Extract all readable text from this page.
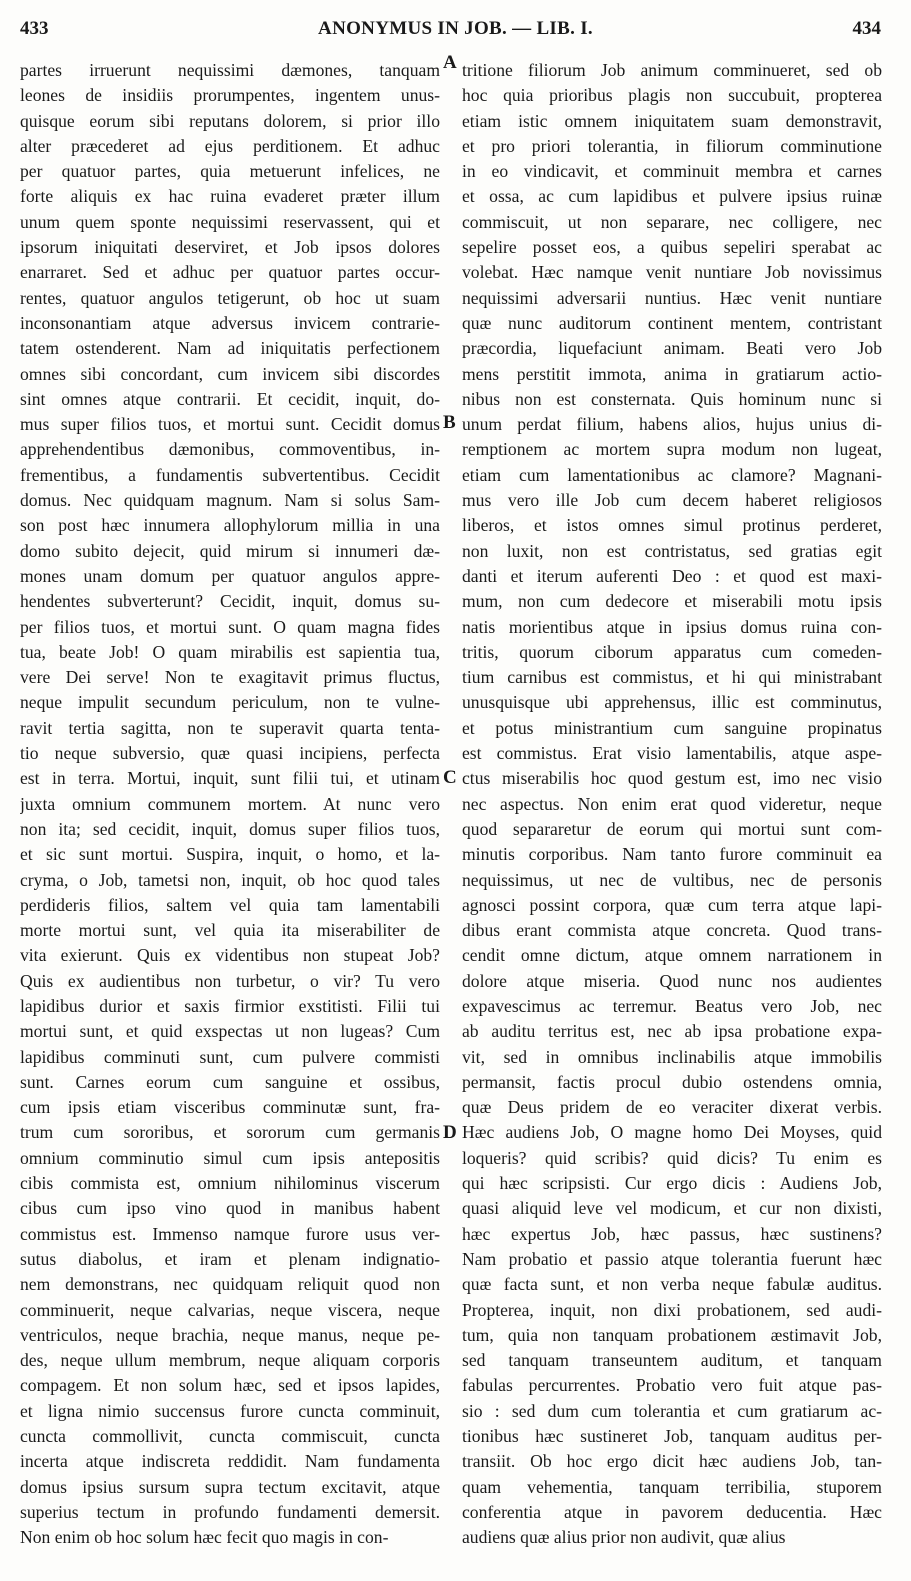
433	ANONYMUS IN JOB. — LIB. I.	434
partes irruerunt nequissimi dæmones, tanquam
leones de insidiis prorumpentes, ingentem unus-
quisque eorum sibi reputans dolorem, si prior illo
alter præcederet ad ejus perditionem. Et adhuc
per quatuor partes, quia metuerunt infelices, ne
forte aliquis ex hac ruina evaderet præter illum
unum quem sponte nequissimi reservassent, qui et
ipsorum iniquitati deserviret, et Job ipsos dolores
enarraret. Sed et adhuc per quatuor partes occur-
rentes, quatuor angulos tetigerunt, ob hoc ut suam
inconsonantiam atque adversus invicem contrarie-
tatem ostenderent. Nam ad iniquitatis perfectionem
omnes sibi concordant, cum invicem sibi discordes
sint omnes atque contrarii. Et cecidit, inquit, do-
mus super filios tuos, et mortui sunt. Cecidit domus
apprehendentibus dæmonibus, commoventibus, in-
frementibus, a fundamentis subvertentibus. Cecidit
domus. Nec quidquam magnum. Nam si solus Sam-
son post hæc innumera allophylorum millia in una
domo subito dejecit, quid mirum si innumeri dæ-
mones unam domum per quatuor angulos appre-
hendentes subverterunt? Cecidit, inquit, domus su-
per filios tuos, et mortui sunt. O quam magna fides
tua, beate Job! O quam mirabilis est sapientia tua,
vere Dei serve! Non te exagitavit primus fluctus,
neque impulit secundum periculum, non te vulne-
ravit tertia sagitta, non te superavit quarta tenta-
tio neque subversio, quæ quasi incipiens, perfecta
est in terra. Mortui, inquit, sunt filii tui, et utinam
juxta omnium communem mortem. At nunc vero
non ita; sed cecidit, inquit, domus super filios tuos,
et sic sunt mortui. Suspira, inquit, o homo, et la-
cryma, o Job, tametsi non, inquit, ob hoc quod tales
perdideris filios, saltem vel quia tam lamentabili
morte mortui sunt, vel quia ita miserabiliter de
vita exierunt. Quis ex videntibus non stupeat Job?
Quis ex audientibus non turbetur, o vir? Tu vero
lapidibus durior et saxis firmior exstitisti. Filii tui
mortui sunt, et quid exspectas ut non lugeas? Cum
lapidibus comminuti sunt, cum pulvere commisti
sunt. Carnes eorum cum sanguine et ossibus,
cum ipsis etiam visceribus comminutæ sunt, fra-
trum cum sororibus, et sororum cum germanis
omnium comminutio simul cum ipsis antepositis
cibis commista est, omnium nihilominus viscerum
cibus cum ipso vino quod in manibus habent
commistus est. Immenso namque furore usus ver-
sutus diabolus, et iram et plenam indignatio-
nem demonstrans, nec quidquam reliquit quod non
comminuerit, neque calvarias, neque viscera, neque
ventriculos, neque brachia, neque manus, neque pe-
des, neque ullum membrum, neque aliquam corporis
compagem. Et non solum hæc, sed et ipsos lapides,
et ligna nimio succensus furore cuncta comminuit,
cuncta commollivit, cuncta commiscuit, cuncta
incerta atque indiscreta reddidit. Nam fundamenta
domus ipsius sursum supra tectum excitavit, atque
superius tectum in profundo fundamenti demersit.
Non enim ob hoc solum hæc fecit quo magis in con-
tritione filiorum Job animum comminueret, sed ob
hoc quia prioribus plagis non succubuit, propterea
etiam istic omnem iniquitatem suam demonstravit,
et pro priori tolerantia, in filiorum comminutione
in eo vindicavit, et comminuit membra et carnes
et ossa, ac cum lapidibus et pulvere ipsius ruinæ
commiscuit, ut non separare, nec colligere, nec
sepelire posset eos, a quibus sepeliri sperabat ac
volebat. Hæc namque venit nuntiare Job novissimus
nequissimi adversarii nuntius. Hæc venit nuntiare
quæ nunc auditorum continent mentem, contristant
præcordia, liquefaciunt animam. Beati vero Job
mens perstitit immota, anima in gratiarum actio-
nibus non est consternata. Quis hominum nunc si
unum perdat filium, habens alios, hujus unius di-
remptionem ac mortem supra modum non lugeat,
etiam cum lamentationibus ac clamore? Magnani-
mus vero ille Job cum decem haberet religiosos
liberos, et istos omnes simul protinus perderet,
non luxit, non est contristatus, sed gratias egit
danti et iterum auferenti Deo : et quod est maxi-
mum, non cum dedecore et miserabili motu ipsis
natis morientibus atque in ipsius domus ruina con-
tritis, quorum ciborum apparatus cum comeden-
tium carnibus est commistus, et hi qui ministrabant
unusquisque ubi apprehensus, illic est comminutus,
et potus ministrantium cum sanguine propinatus
est commistus. Erat visio lamentabilis, atque aspe-
ctus miserabilis hoc quod gestum est, imo nec visio
nec aspectus. Non enim erat quod videretur, neque
quod separaretur de eorum qui mortui sunt com-
minutis corporibus. Nam tanto furore comminuit ea
nequissimus, ut nec de vultibus, nec de personis
agnosci possint corpora, quæ cum terra atque lapi-
dibus erant commista atque concreta. Quod trans-
cendit omne dictum, atque omnem narrationem in
dolore atque miseria. Quod nunc nos audientes
expavescimus ac terremur. Beatus vero Job, nec
ab auditu territus est, nec ab ipsa probatione expa-
vit, sed in omnibus inclinabilis atque immobilis
permansit, factis procul dubio ostendens omnia,
quæ Deus pridem de eo veraciter dixerat verbis.
Hæc audiens Job, O magne homo Dei Moyses, quid
loqueris? quid scribis? quid dicis? Tu enim es
qui hæc scripsisti. Cur ergo dicis : Audiens Job,
quasi aliquid leve vel modicum, et cur non dixisti,
hæc expertus Job, hæc passus, hæc sustinens?
Nam probatio et passio atque tolerantia fuerunt hæc
quæ facta sunt, et non verba neque fabulæ auditus.
Propterea, inquit, non dixi probationem, sed audi-
tum, quia non tanquam probationem æstimavit Job,
sed tanquam transeuntem auditum, et tanquam
fabulas percurrentes. Probatio vero fuit atque pas-
sio : sed dum cum tolerantia et cum gratiarum ac-
tionibus hæc sustineret Job, tanquam auditus per-
transiit. Ob hoc ergo dicit hæc audiens Job, tan-
quam vehementia, tanquam terribilia, stuporem
conferentia atque in pavorem deducentia. Hæc
audiens quæ alius prior non audivit, quæ alius
A
B
C
D
